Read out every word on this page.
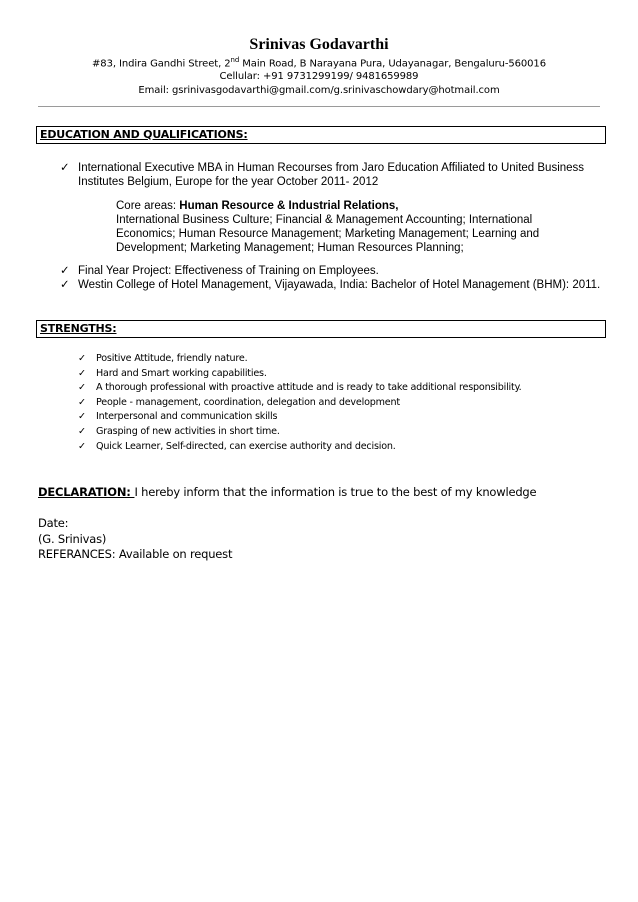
Srinivas Godavarthi
#83, Indira Gandhi Street, 2nd Main Road, B Narayana Pura, Udayanagar, Bengaluru-560016
Cellular: +91 9731299199/ 9481659989
Email: gsrinivasgodavarthi@gmail.com/g.srinivaschowdary@hotmail.com
EDUCATION AND QUALIFICATIONS:
✓ International Executive MBA in Human Recourses from Jaro Education Affiliated to United Business Institutes Belgium, Europe for the year October 2011- 2012
Core areas: Human Resource & Industrial Relations,
International Business Culture; Financial & Management Accounting; International Economics; Human Resource Management; Marketing Management; Learning and Development; Marketing Management; Human Resources Planning;
✓ Final Year Project: Effectiveness of Training on Employees.
✓ Westin College of Hotel Management, Vijayawada, India: Bachelor of Hotel Management (BHM): 2011.
STRENGTHS:
✓ Positive Attitude, friendly nature.
✓ Hard and Smart working capabilities.
✓ A thorough professional with proactive attitude and is ready to take additional responsibility.
✓ People - management, coordination, delegation and development
✓ Interpersonal and communication skills
✓ Grasping of new activities in short time.
✓ Quick Learner, Self-directed, can exercise authority and decision.
DECLARATION: I hereby inform that the information is true to the best of my knowledge
Date:
(G. Srinivas)
REFERANCES: Available on request
